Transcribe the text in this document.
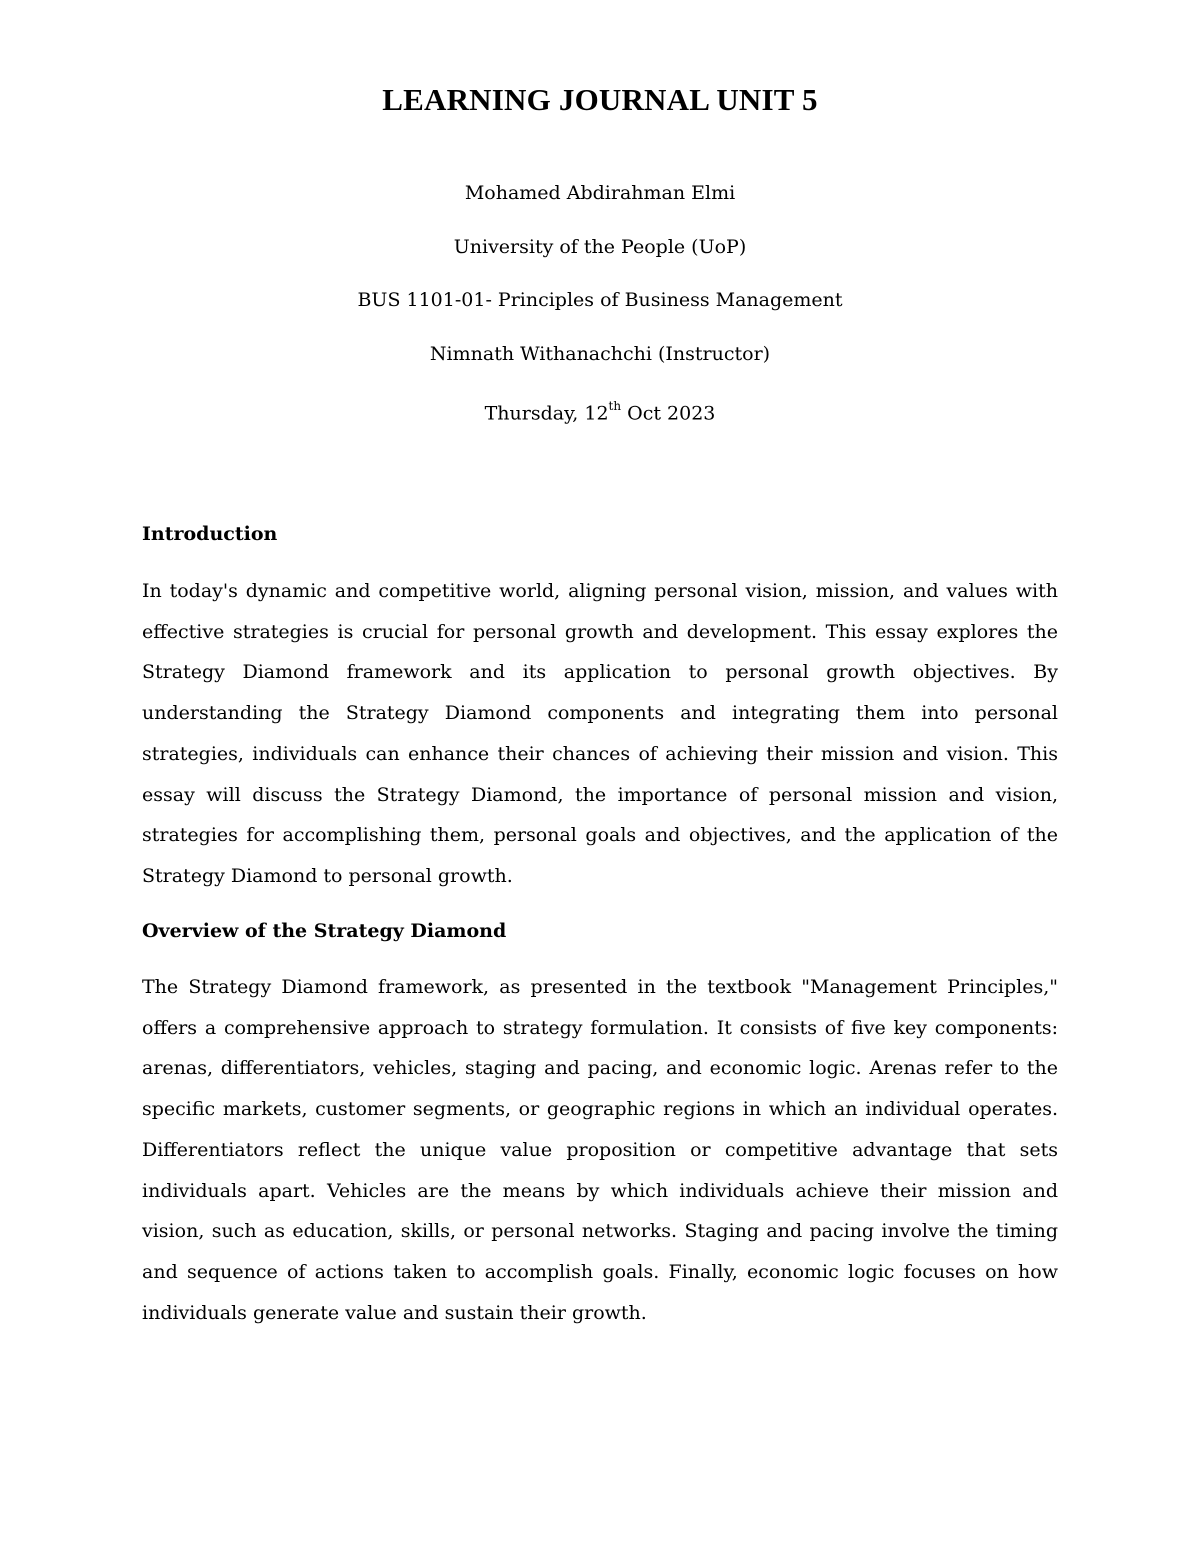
LEARNING JOURNAL UNIT 5

Mohamed Abdirahman Elmi

University of the People (UoP)

BUS 1101-01- Principles of Business Management

Nimnath Withanachchi (Instructor)

Thursday, 12th Oct 2023

Introduction

In today's dynamic and competitive world, aligning personal vision, mission, and values with effective strategies is crucial for personal growth and development. This essay explores the Strategy Diamond framework and its application to personal growth objectives. By understanding the Strategy Diamond components and integrating them into personal strategies, individuals can enhance their chances of achieving their mission and vision. This essay will discuss the Strategy Diamond, the importance of personal mission and vision, strategies for accomplishing them, personal goals and objectives, and the application of the Strategy Diamond to personal growth.

Overview of the Strategy Diamond

The Strategy Diamond framework, as presented in the textbook "Management Principles," offers a comprehensive approach to strategy formulation. It consists of five key components: arenas, differentiators, vehicles, staging and pacing, and economic logic. Arenas refer to the specific markets, customer segments, or geographic regions in which an individual operates. Differentiators reflect the unique value proposition or competitive advantage that sets individuals apart. Vehicles are the means by which individuals achieve their mission and vision, such as education, skills, or personal networks. Staging and pacing involve the timing and sequence of actions taken to accomplish goals. Finally, economic logic focuses on how individuals generate value and sustain their growth.
